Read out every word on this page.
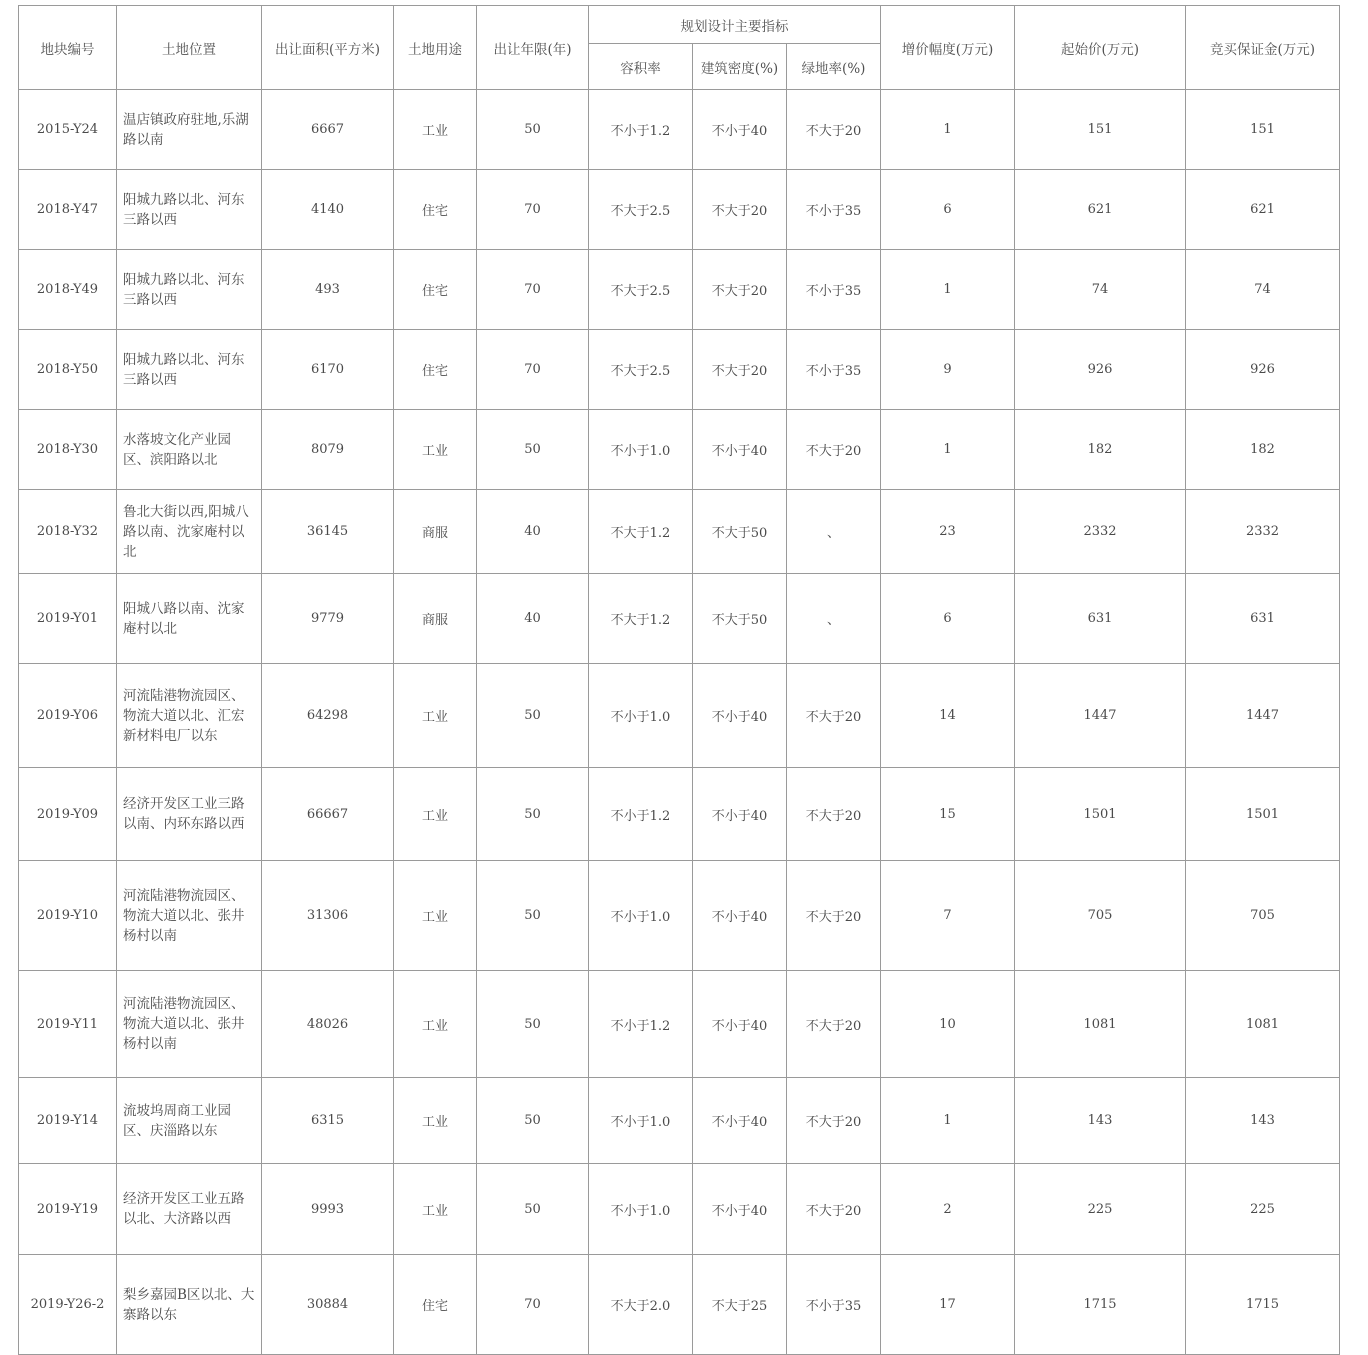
地块编号	土地位置	出让面积(平方米)	土地用途	出让年限(年)	规划设计主要指标			增价幅度(万元)	起始价(万元)	竞买保证金(万元)
					容积率	建筑密度(%)	绿地率(%)			
2015-Y24	温店镇政府驻地,乐湖路以南	6667	工业	50	不小于1.2	不小于40	不大于20	1	151	151
2018-Y47	阳城九路以北、河东三路以西	4140	住宅	70	不大于2.5	不大于20	不小于35	6	621	621
2018-Y49	阳城九路以北、河东三路以西	493	住宅	70	不大于2.5	不大于20	不小于35	1	74	74
2018-Y50	阳城九路以北、河东三路以西	6170	住宅	70	不大于2.5	不大于20	不小于35	9	926	926
2018-Y30	水落坡文化产业园区、滨阳路以北	8079	工业	50	不小于1.0	不小于40	不大于20	1	182	182
2018-Y32	鲁北大街以西,阳城八路以南、沈家庵村以北	36145	商服	40	不大于1.2	不大于50	、	23	2332	2332
2019-Y01	阳城八路以南、沈家庵村以北	9779	商服	40	不大于1.2	不大于50	、	6	631	631
2019-Y06	河流陆港物流园区、物流大道以北、汇宏新材料电厂以东	64298	工业	50	不小于1.0	不小于40	不大于20	14	1447	1447
2019-Y09	经济开发区工业三路以南、内环东路以西	66667	工业	50	不小于1.2	不小于40	不大于20	15	1501	1501
2019-Y10	河流陆港物流园区、物流大道以北、张井杨村以南	31306	工业	50	不小于1.0	不小于40	不大于20	7	705	705
2019-Y11	河流陆港物流园区、物流大道以北、张井杨村以南	48026	工业	50	不小于1.2	不小于40	不大于20	10	1081	1081
2019-Y14	流坡坞周商工业园区、庆淄路以东	6315	工业	50	不小于1.0	不小于40	不大于20	1	143	143
2019-Y19	经济开发区工业五路以北、大济路以西	9993	工业	50	不小于1.0	不小于40	不大于20	2	225	225
2019-Y26-2	梨乡嘉园B区以北、大寨路以东	30884	住宅	70	不大于2.0	不大于25	不小于35	17	1715	1715
